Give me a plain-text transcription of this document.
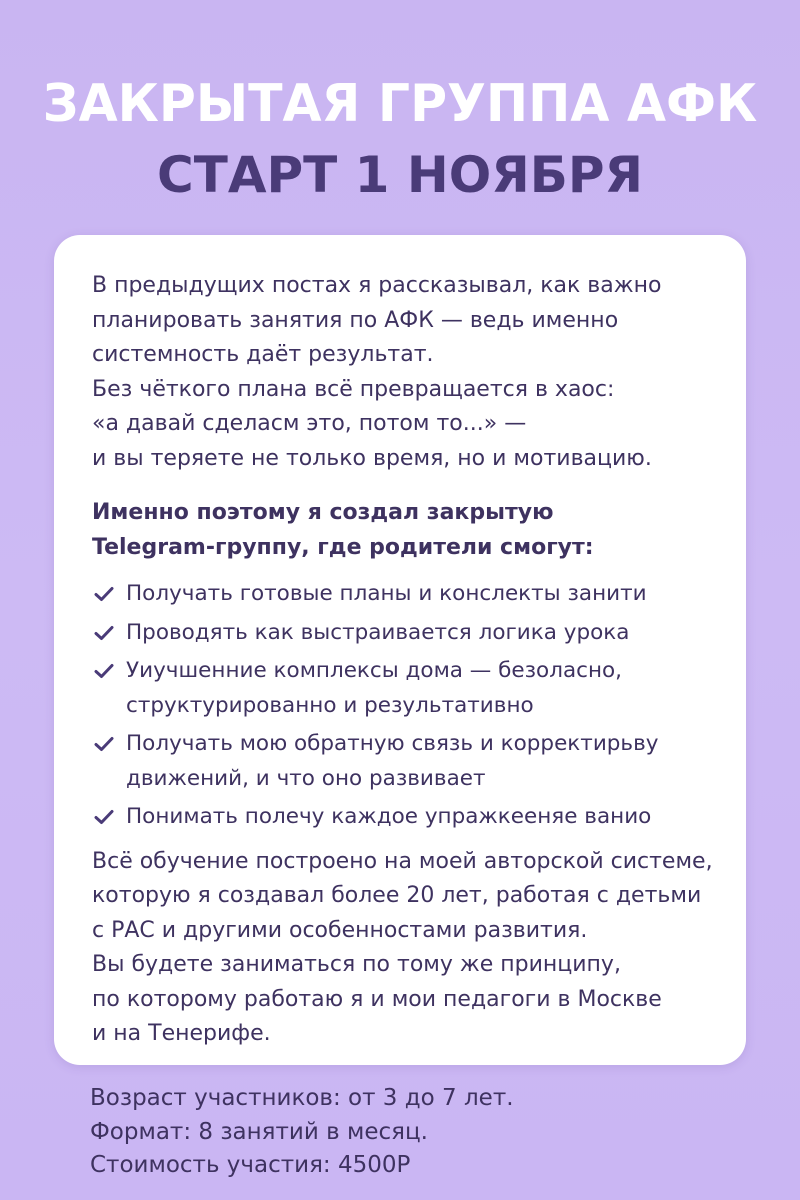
ЗАКРЫТАЯ ГРУППА АФК
СТАРТ 1 НОЯБРЯ

В предыдущих постах я рассказывал, как важно
планировать занятия по АФК — ведь именно
системность даёт результат.
Без чёткого плана всё превращается в хаос:
«а давай сделасм это, потом то...» —
и вы теряете не только время, но и мотивацию.

Именно поэтому я создал закрытую
Telegram-группу, где родители смогут:

Получать готовые планы и конслекты занити
Проводять как выстраивается логика урока
Уиучшенние комплексы дома — безоласно,
структурированно и результативно
Получать мою обратную связь и корректирьву
движений, и что оно развивает
Понимать полечу каждое упражкееняе ванио

Всё обучение построено на моей авторской системе,
которую я создавал более 20 лет, работая с детьми
с РАС и другими особенностами развития.
Вы будете заниматься по тому же принципу,
по которому работаю я и мои педагоги в Москве
и на Тенерифе.

Возраст участников: от 3 до 7 лет.
Формат: 8 занятий в месяц.
Стоимость участия: 4500Р
